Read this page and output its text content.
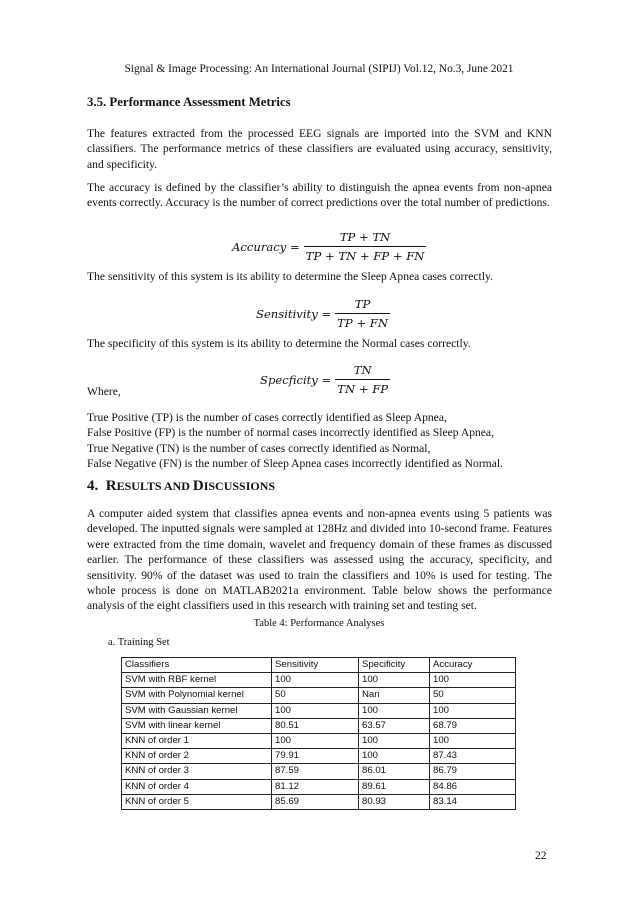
Signal & Image Processing: An International Journal (SIPIJ) Vol.12, No.3, June 2021
3.5. Performance Assessment Metrics
The features extracted from the processed EEG signals are imported into the SVM and KNN classifiers. The performance metrics of these classifiers are evaluated using accuracy, sensitivity, and specificity.
The accuracy is defined by the classifier’s ability to distinguish the apnea events from non-apnea events correctly. Accuracy is the number of correct predictions over the total number of predictions.
Accuracy = $\frac{TP + TN}{TP + TN + FP + FN}$
The sensitivity of this system is its ability to determine the Sleep Apnea cases correctly.
Sensitivity = $\frac{TP}{TP + FN}$
The specificity of this system is its ability to determine the Normal cases correctly.
Specficity = $\frac{TN}{TN + FP}$
Where,
True Positive (TP) is the number of cases correctly identified as Sleep Apnea,
False Positive (FP) is the number of normal cases incorrectly identified as Sleep Apnea,
True Negative (TN) is the number of cases correctly identified as Normal,
False Negative (FN) is the number of Sleep Apnea cases incorrectly identified as Normal.
4. RESULTS AND DISCUSSIONS
A computer aided system that classifies apnea events and non-apnea events using 5 patients was developed. The inputted signals were sampled at 128Hz and divided into 10-second frame. Features were extracted from the time domain, wavelet and frequency domain of these frames as discussed earlier. The performance of these classifiers was assessed using the accuracy, specificity, and sensitivity. 90% of the dataset was used to train the classifiers and 10% is used for testing. The whole process is done on MATLAB2021a environment. Table below shows the performance analysis of the eight classifiers used in this research with training set and testing set.
Table 4: Performance Analyses
a. Training Set
Classifiers	Sensitivity	Specificity	Accuracy
SVM with RBF kernel	100	100	100
SVM with Polynomial kernel	50	Nan	50
SVM with Gaussian kernel	100	100	100
SVM with linear kernel	80.51	63.57	68.79
KNN of order 1	100	100	100
KNN of order 2	79.91	100	87.43
KNN of order 3	87.59	86.01	86.79
KNN of order 4	81.12	89.61	84.86
KNN of order 5	85.69	80.93	83.14
22
